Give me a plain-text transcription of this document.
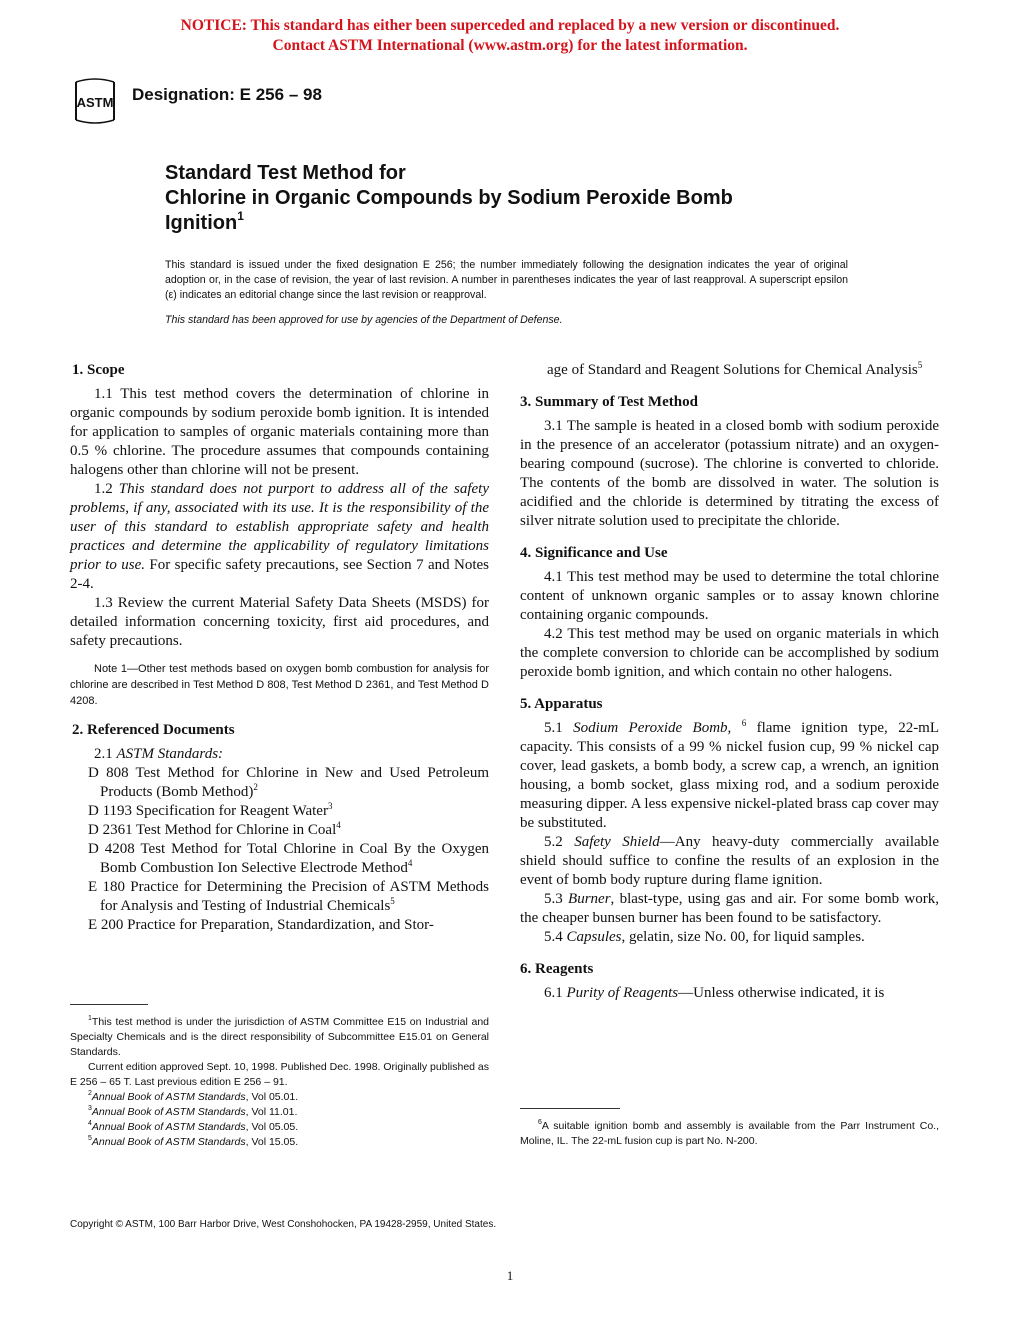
NOTICE: This standard has either been superceded and replaced by a new version or discontinued.
Contact ASTM International (www.astm.org) for the latest information.
ASTM Designation: E 256 – 98
Standard Test Method for
Chlorine in Organic Compounds by Sodium Peroxide Bomb
Ignition$^1$
This standard is issued under the fixed designation E 256; the number immediately following the designation indicates the year of original adoption or, in the case of revision, the year of last revision. A number in parentheses indicates the year of last reapproval. A superscript epsilon (ε) indicates an editorial change since the last revision or reapproval.
This standard has been approved for use by agencies of the Department of Defense.
1. Scope

1.1 This test method covers the determination of chlorine in organic compounds by sodium peroxide bomb ignition. It is intended for application to samples of organic materials containing more than 0.5 % chlorine. The procedure assumes that compounds containing halogens other than chlorine will not be present.

1.2 This standard does not purport to address all of the safety problems, if any, associated with its use. It is the responsibility of the user of this standard to establish appropriate safety and health practices and determine the applicability of regulatory limitations prior to use. For specific safety precautions, see Section 7 and Notes 2-4.

1.3 Review the current Material Safety Data Sheets (MSDS) for detailed information concerning toxicity, first aid procedures, and safety precautions.

Note 1—Other test methods based on oxygen bomb combustion for analysis for chlorine are described in Test Method D 808, Test Method D 2361, and Test Method D 4208.

2. Referenced Documents

2.1 ASTM Standards:

D 808 Test Method for Chlorine in New and Used Petroleum Products (Bomb Method)$^2$

D 1193 Specification for Reagent Water$^3$

D 2361 Test Method for Chlorine in Coal$^4$

D 4208 Test Method for Total Chlorine in Coal By the Oxygen Bomb Combustion Ion Selective Electrode Method$^4$

E 180 Practice for Determining the Precision of ASTM Methods for Analysis and Testing of Industrial Chemicals$^5$

E 200 Practice for Preparation, Standardization, and Stor-

$^1$This test method is under the jurisdiction of ASTM Committee E15 on Industrial and Specialty Chemicals and is the direct responsibility of Subcommittee E15.01 on General Standards.

Current edition approved Sept. 10, 1998. Published Dec. 1998. Originally published as E 256 – 65 T. Last previous edition E 256 – 91.

$^2$Annual Book of ASTM Standards, Vol 05.01.

$^3$Annual Book of ASTM Standards, Vol 11.01.

$^4$Annual Book of ASTM Standards, Vol 05.05.

$^5$Annual Book of ASTM Standards, Vol 15.05.

age of Standard and Reagent Solutions for Chemical Analysis$^5$

3. Summary of Test Method

3.1 The sample is heated in a closed bomb with sodium peroxide in the presence of an accelerator (potassium nitrate) and an oxygen-bearing compound (sucrose). The chlorine is converted to chloride. The contents of the bomb are dissolved in water. The solution is acidified and the chloride is determined by titrating the excess of silver nitrate solution used to precipitate the chloride.

4. Significance and Use

4.1 This test method may be used to determine the total chlorine content of unknown organic samples or to assay known chlorine containing organic compounds.

4.2 This test method may be used on organic materials in which the complete conversion to chloride can be accomplished by sodium peroxide bomb ignition, and which contain no other halogens.

5. Apparatus

5.1 Sodium Peroxide Bomb, $^6$ flame ignition type, 22-mL capacity. This consists of a 99 % nickel fusion cup, 99 % nickel cap cover, lead gaskets, a bomb body, a screw cap, a wrench, an ignition housing, a bomb socket, glass mixing rod, and a sodium peroxide measuring dipper. A less expensive nickel-plated brass cap cover may be substituted.

5.2 Safety Shield—Any heavy-duty commercially available shield should suffice to confine the results of an explosion in the event of bomb body rupture during flame ignition.

5.3 Burner, blast-type, using gas and air. For some bomb work, the cheaper bunsen burner has been found to be satisfactory.

5.4 Capsules, gelatin, size No. 00, for liquid samples.

6. Reagents

6.1 Purity of Reagents—Unless otherwise indicated, it is

$^6$A suitable ignition bomb and assembly is available from the Parr Instrument Co., Moline, IL. The 22-mL fusion cup is part No. N-200.

Copyright © ASTM, 100 Barr Harbor Drive, West Conshohocken, PA 19428-2959, United States.
1
